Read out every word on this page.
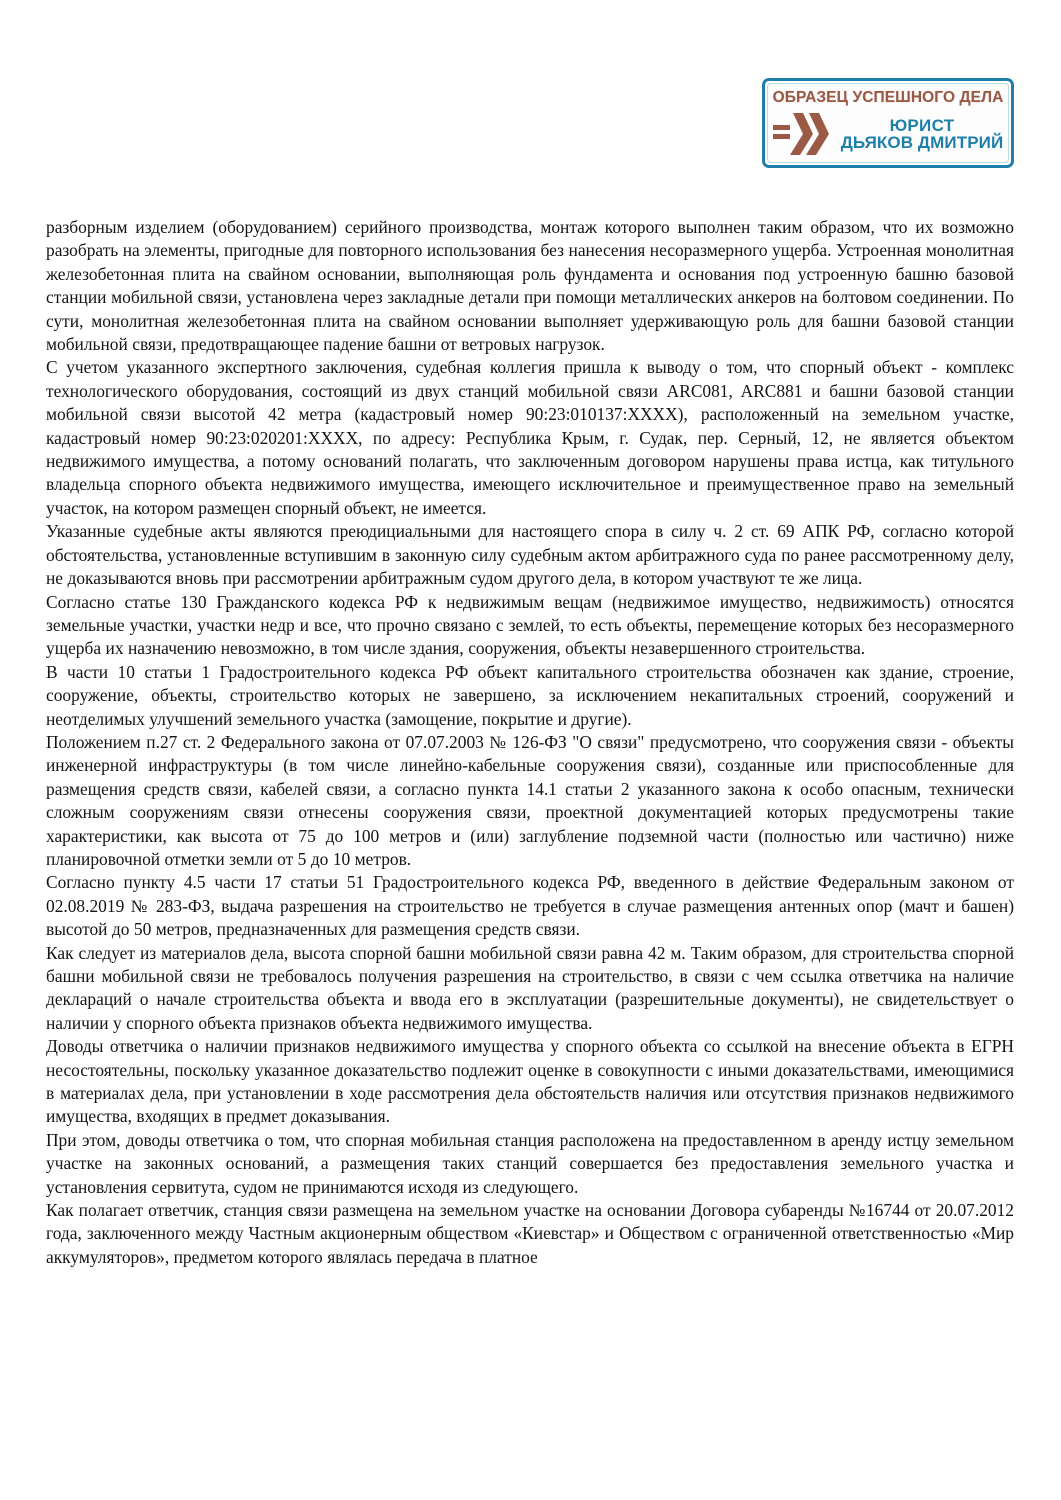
ОБРАЗЕЦ УСПЕШНОГО ДЕЛА
ЮРИСТ
ДЬЯКОВ ДМИТРИЙ

разборным изделием (оборудованием) серийного производства, монтаж которого выполнен таким образом, что их возможно разобрать на элементы, пригодные для повторного использования без нанесения несоразмерного ущерба. Устроенная монолитная железобетонная плита на свайном основании, выполняющая роль фундамента и основания под устроенную башню базовой станции мобильной связи, установлена через закладные детали при помощи металлических анкеров на болтовом соединении. По сути, монолитная железобетонная плита на свайном основании выполняет удерживающую роль для башни базовой станции мобильной связи, предотвращающее падение башни от ветровых нагрузок.

С учетом указанного экспертного заключения, судебная коллегия пришла к выводу о том, что спорный объект - комплекс технологического оборудования, состоящий из двух станций мобильной связи ARC081, ARC881 и башни базовой станции мобильной связи высотой 42 метра (кадастровый номер 90:23:010137:ХХХХ), расположенный на земельном участке, кадастровый номер 90:23:020201:ХХХХ, по адресу: Республика Крым, г. Судак, пер. Серный, 12, не является объектом недвижимого имущества, а потому оснований полагать, что заключенным договором нарушены права истца, как титульного владельца спорного объекта недвижимого имущества, имеющего исключительное и преимущественное право на земельный участок, на котором размещен спорный объект, не имеется.

Указанные судебные акты являются преюдициальными для настоящего спора в силу ч. 2 ст. 69 АПК РФ, согласно которой обстоятельства, установленные вступившим в законную силу судебным актом арбитражного суда по ранее рассмотренному делу, не доказываются вновь при рассмотрении арбитражным судом другого дела, в котором участвуют те же лица.

Согласно статье 130 Гражданского кодекса РФ к недвижимым вещам (недвижимое имущество, недвижимость) относятся земельные участки, участки недр и все, что прочно связано с землей, то есть объекты, перемещение которых без несоразмерного ущерба их назначению невозможно, в том числе здания, сооружения, объекты незавершенного строительства.

В части 10 статьи 1 Градостроительного кодекса РФ объект капитального строительства обозначен как здание, строение, сооружение, объекты, строительство которых не завершено, за исключением некапитальных строений, сооружений и неотделимых улучшений земельного участка (замощение, покрытие и другие).

Положением п.27 ст. 2 Федерального закона от 07.07.2003 № 126-ФЗ "О связи" предусмотрено, что сооружения связи - объекты инженерной инфраструктуры (в том числе линейно-кабельные сооружения связи), созданные или приспособленные для размещения средств связи, кабелей связи, а согласно пункта 14.1 статьи 2 указанного закона к особо опасным, технически сложным сооружениям связи отнесены сооружения связи, проектной документацией которых предусмотрены такие характеристики, как высота от 75 до 100 метров и (или) заглубление подземной части (полностью или частично) ниже планировочной отметки земли от 5 до 10 метров.

Согласно пункту 4.5 части 17 статьи 51 Градостроительного кодекса РФ, введенного в действие Федеральным законом от 02.08.2019 № 283-ФЗ, выдача разрешения на строительство не требуется в случае размещения антенных опор (мачт и башен) высотой до 50 метров, предназначенных для размещения средств связи.

Как следует из материалов дела, высота спорной башни мобильной связи равна 42 м. Таким образом, для строительства спорной башни мобильной связи не требовалось получения разрешения на строительство, в связи с чем ссылка ответчика на наличие деклараций о начале строительства объекта и ввода его в эксплуатации (разрешительные документы), не свидетельствует о наличии у спорного объекта признаков объекта недвижимого имущества.

Доводы ответчика о наличии признаков недвижимого имущества у спорного объекта со ссылкой на внесение объекта в ЕГРН несостоятельны, поскольку указанное доказательство подлежит оценке в совокупности с иными доказательствами, имеющимися в материалах дела, при установлении в ходе рассмотрения дела обстоятельств наличия или отсутствия признаков недвижимого имущества, входящих в предмет доказывания.

При этом, доводы ответчика о том, что спорная мобильная станция расположена на предоставленном в аренду истцу земельном участке на законных оснований, а размещения таких станций совершается без предоставления земельного участка и установления сервитута, судом не принимаются исходя из следующего.

Как полагает ответчик, станция связи размещена на земельном участке на основании Договора субаренды №16744 от 20.07.2012 года, заключенного между Частным акционерным обществом «Киевстар» и Обществом с ограниченной ответственностью «Мир аккумуляторов», предметом которого являлась передача в платное
